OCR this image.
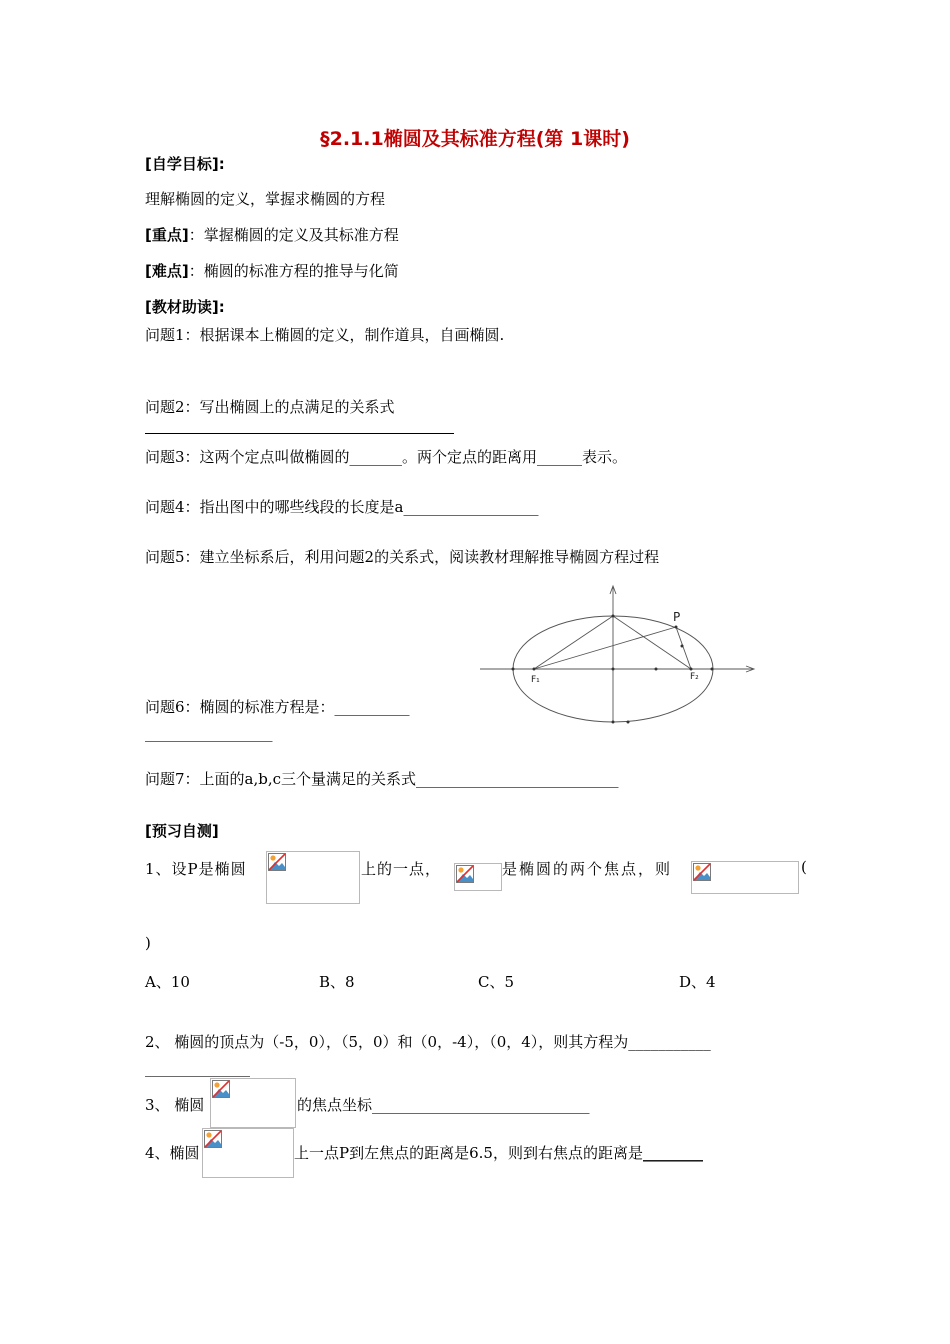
§2.1.1椭圆及其标准方程(第 1课时)
[自学目标]:
理解椭圆的定义，掌握求椭圆的方程
[重点]：掌握椭圆的定义及其标准方程
[难点]：椭圆的标准方程的推导与化简
[教材助读]:
问题1：根据课本上椭圆的定义，制作道具，自画椭圆.
问题2：写出椭圆上的点满足的关系式
问题3：这两个定点叫做椭圆的_______。两个定点的距离用______表示。
问题4：指出图中的哪些线段的长度是a__________________
问题5：建立坐标系后，利用问题2的关系式，阅读教材理解推导椭圆方程过程
P
F₁	F₂
问题6：椭圆的标准方程是：__________
_________________
问题7：上面的a,b,c三个量满足的关系式___________________________
[预习自测]
1、设P是椭圆	上的一点，	是椭圆的两个焦点，则	(
)
A、10	B、8	C、5	D、4
2、 椭圆的顶点为（-5，0），（5，0）和（0，-4），（0，4），则其方程为___________
______________
3、 椭圆	的焦点坐标_____________________________
4、椭圆	上一点P到左焦点的距离是6.5，则到右焦点的距离是________
